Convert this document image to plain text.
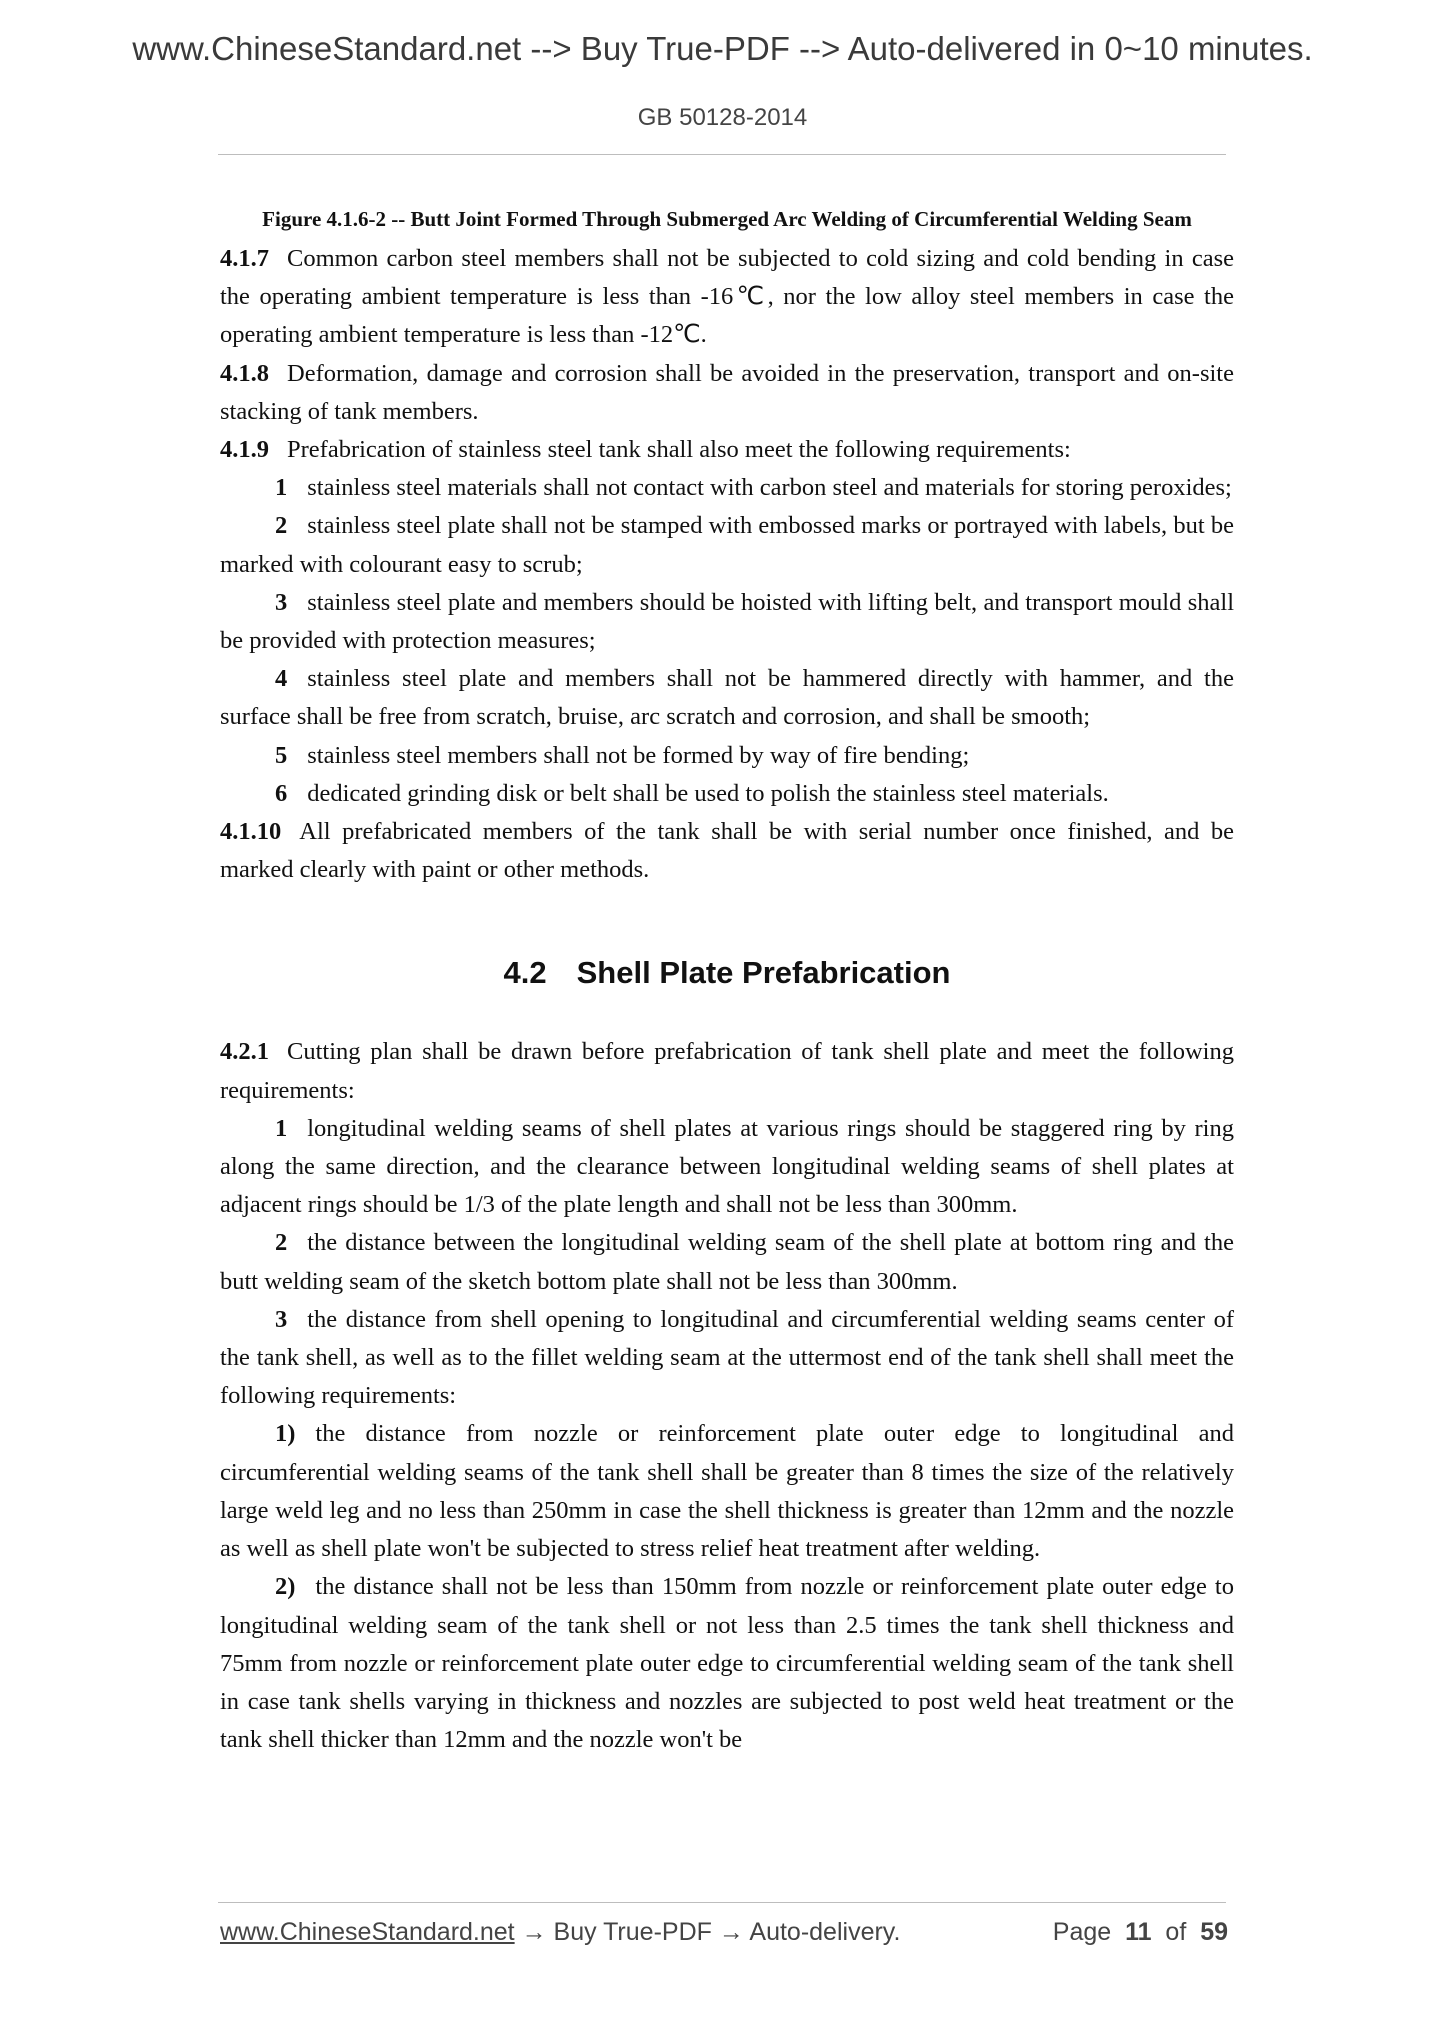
www.ChineseStandard.net --> Buy True-PDF --> Auto-delivered in 0~10 minutes.
GB 50128-2014
Figure 4.1.6-2 -- Butt Joint Formed Through Submerged Arc Welding of Circumferential Welding Seam

4.1.7 Common carbon steel members shall not be subjected to cold sizing and cold bending in case the operating ambient temperature is less than -16℃, nor the low alloy steel members in case the operating ambient temperature is less than -12℃.

4.1.8 Deformation, damage and corrosion shall be avoided in the preservation, transport and on-site stacking of tank members.

4.1.9 Prefabrication of stainless steel tank shall also meet the following requirements:

1 stainless steel materials shall not contact with carbon steel and materials for storing peroxides;

2 stainless steel plate shall not be stamped with embossed marks or portrayed with labels, but be marked with colourant easy to scrub;

3 stainless steel plate and members should be hoisted with lifting belt, and transport mould shall be provided with protection measures;

4 stainless steel plate and members shall not be hammered directly with hammer, and the surface shall be free from scratch, bruise, arc scratch and corrosion, and shall be smooth;

5 stainless steel members shall not be formed by way of fire bending;

6 dedicated grinding disk or belt shall be used to polish the stainless steel materials.

4.1.10 All prefabricated members of the tank shall be with serial number once finished, and be marked clearly with paint or other methods.

4.2 Shell Plate Prefabrication

4.2.1 Cutting plan shall be drawn before prefabrication of tank shell plate and meet the following requirements:

1 longitudinal welding seams of shell plates at various rings should be staggered ring by ring along the same direction, and the clearance between longitudinal welding seams of shell plates at adjacent rings should be 1/3 of the plate length and shall not be less than 300mm.

2 the distance between the longitudinal welding seam of the shell plate at bottom ring and the butt welding seam of the sketch bottom plate shall not be less than 300mm.

3 the distance from shell opening to longitudinal and circumferential welding seams center of the tank shell, as well as to the fillet welding seam at the uttermost end of the tank shell shall meet the following requirements:

1) the distance from nozzle or reinforcement plate outer edge to longitudinal and circumferential welding seams of the tank shell shall be greater than 8 times the size of the relatively large weld leg and no less than 250mm in case the shell thickness is greater than 12mm and the nozzle as well as shell plate won't be subjected to stress relief heat treatment after welding.

2) the distance shall not be less than 150mm from nozzle or reinforcement plate outer edge to longitudinal welding seam of the tank shell or not less than 2.5 times the tank shell thickness and 75mm from nozzle or reinforcement plate outer edge to circumferential welding seam of the tank shell in case tank shells varying in thickness and nozzles are subjected to post weld heat treatment or the tank shell thicker than 12mm and the nozzle won't be

www.ChineseStandard.net → Buy True-PDF → Auto-delivery.	Page 11 of 59
